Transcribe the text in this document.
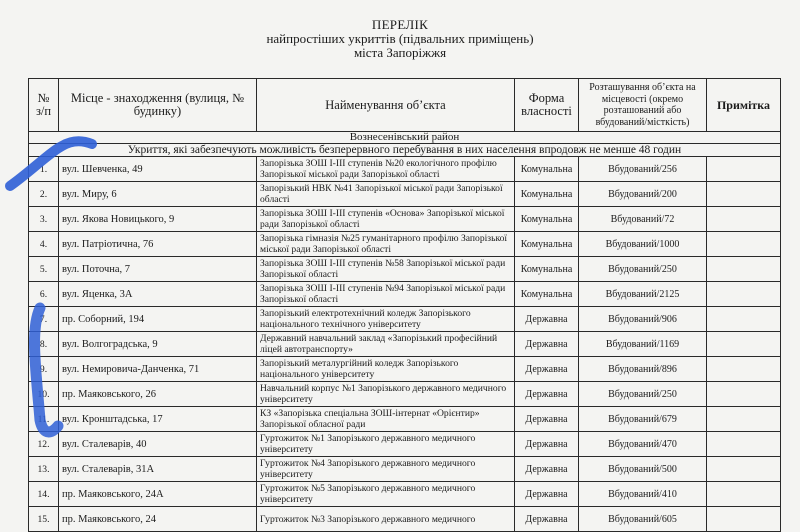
ПЕРЕЛІК
найпростіших укриттів (підвальних приміщень)
міста Запоріжжя
№ з/п	Місце - знаходження (вулиця, № будинку)	Найменування об’єкта	Форма власності	Розташування об’єкта на місцевості (окремо розташований або вбудований/місткість)	Примітка
Вознесенівський район					
Укриття, які забезпечують можливість безперервного перебування в них населення впродовж не менше 48 годин					
1.	вул. Шевченка, 49	Запорізька ЗОШ І-ІІІ ступенів №20 екологічного профілю Запорізької міської ради Запорізької області	Комунальна	Вбудований/256	
2.	вул. Миру, 6	Запорізький НВК №41 Запорізької міської ради Запорізької області	Комунальна	Вбудований/200	
3.	вул. Якова Новицького, 9	Запорізька ЗОШ І-ІІІ ступенів «Основа» Запорізької міської ради Запорізької області	Комунальна	Вбудований/72	
4.	вул. Патріотична, 76	Запорізька гімназія №25 гуманітарного профілю Запорізької міської ради Запорізької області	Комунальна	Вбудований/1000	
5.	вул. Поточна, 7	Запорізька ЗОШ І-ІІІ ступенів №58 Запорізької міської ради Запорізької області	Комунальна	Вбудований/250	
6.	вул. Яценка, 3А	Запорізька ЗОШ І-ІІІ ступенів №94 Запорізької міської ради Запорізької області	Комунальна	Вбудований/2125	
7.	пр. Соборний, 194	Запорізький електротехнічний коледж Запорізького національного технічного університету	Державна	Вбудований/906	
8.	вул. Волгоградська, 9	Державний навчальний заклад «Запорізький професійний ліцей автотранспорту»	Державна	Вбудований/1169	
9.	вул. Немировича-Данченка, 71	Запорізький металургійний коледж Запорізького національного університету	Державна	Вбудований/896	
10.	пр. Маяковського, 26	Навчальний корпус №1 Запорізького державного медичного університету	Державна	Вбудований/250	
11.	вул. Кронштадська, 17	КЗ «Запорізька спеціальна ЗОШ-інтернат «Орієнтир» Запорізької обласної ради	Державна	Вбудований/679	
12.	вул. Сталеварів, 40	Гуртожиток №1 Запорізького державного медичного університету	Державна	Вбудований/470	
13.	вул. Сталеварів, 31А	Гуртожиток №4 Запорізького державного медичного університету	Державна	Вбудований/500	
14.	пр. Маяковського, 24А	Гуртожиток №5 Запорізького державного медичного університету	Державна	Вбудований/410	
15.	пр. Маяковського, 24	Гуртожиток №3 Запорізького державного медичного	Державна	Вбудований/605	
